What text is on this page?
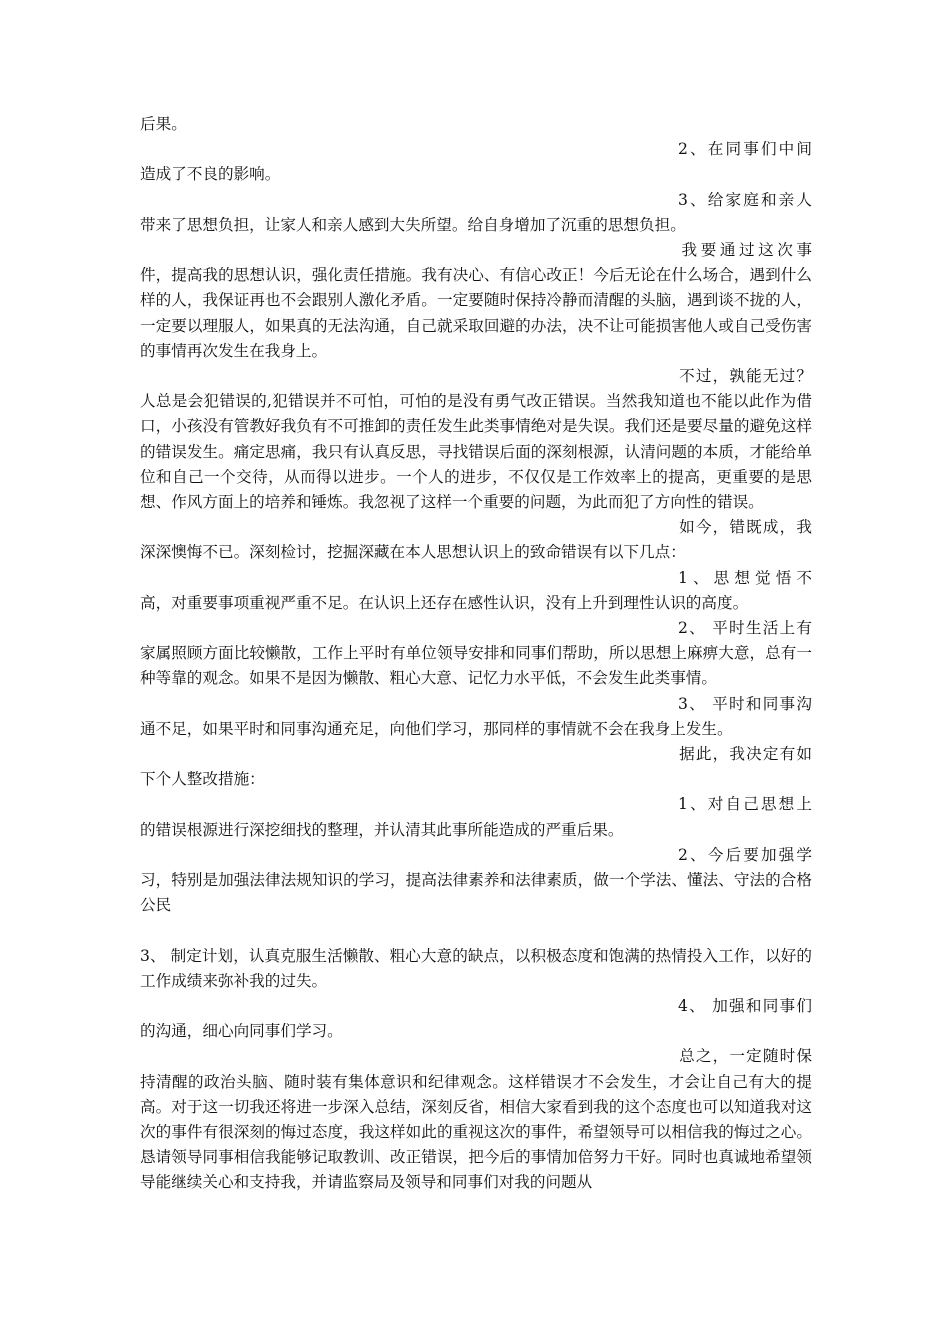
后果。

2、在同事们中间造成了不良的影响。

3、给家庭和亲人带来了思想负担，让家人和亲人感到大失所望。给自身增加了沉重的思想负担。

我要通过这次事件，提高我的思想认识，强化责任措施。我有决心、有信心改正！今后无论在什么场合，遇到什么样的人，我保证再也不会跟别人激化矛盾。一定要随时保持冷静而清醒的头脑，遇到谈不拢的人，一定要以理服人，如果真的无法沟通，自己就采取回避的办法，决不让可能损害他人或自己受伤害的事情再次发生在我身上。

不过，孰能无过？人总是会犯错误的,犯错误并不可怕，可怕的是没有勇气改正错误。当然我知道也不能以此作为借口，小孩没有管教好我负有不可推卸的责任发生此类事情绝对是失误。我们还是要尽量的避免这样的错误发生。痛定思痛，我只有认真反思，寻找错误后面的深刻根源，认清问题的本质，才能给单位和自己一个交待，从而得以进步。一个人的进步，不仅仅是工作效率上的提高，更重要的是思想、作风方面上的培养和锤炼。我忽视了这样一个重要的问题，为此而犯了方向性的错误。

如今，错既成，我深深懊悔不已。深刻检讨，挖掘深藏在本人思想认识上的致命错误有以下几点：

1、思想觉悟不高，对重要事项重视严重不足。在认识上还存在感性认识，没有上升到理性认识的高度。

2、 平时生活上有家属照顾方面比较懒散，工作上平时有单位领导安排和同事们帮助，所以思想上麻痹大意，总有一种等靠的观念。如果不是因为懒散、粗心大意、记忆力水平低，不会发生此类事情。

3、 平时和同事沟通不足，如果平时和同事沟通充足，向他们学习，那同样的事情就不会在我身上发生。

据此，我决定有如下个人整改措施：

1、对自己思想上的错误根源进行深挖细找的整理，并认清其此事所能造成的严重后果。

2、今后要加强学习，特别是加强法律法规知识的学习，提高法律素养和法律素质，做一个学法、懂法、守法的合格公民

3、 制定计划，认真克服生活懒散、粗心大意的缺点，以积极态度和饱满的热情投入工作，以好的工作成绩来弥补我的过失。

4、 加强和同事们的沟通，细心向同事们学习。

总之，一定随时保持清醒的政治头脑、随时装有集体意识和纪律观念。这样错误才不会发生，才会让自己有大的提高。对于这一切我还将进一步深入总结，深刻反省，相信大家看到我的这个态度也可以知道我对这次的事件有很深刻的悔过态度，我这样如此的重视这次的事件，希望领导可以相信我的悔过之心。恳请领导同事相信我能够记取教训、改正错误，把今后的事情加倍努力干好。同时也真诚地希望领导能继续关心和支持我，并请监察局及领导和同事们对我的问题从
